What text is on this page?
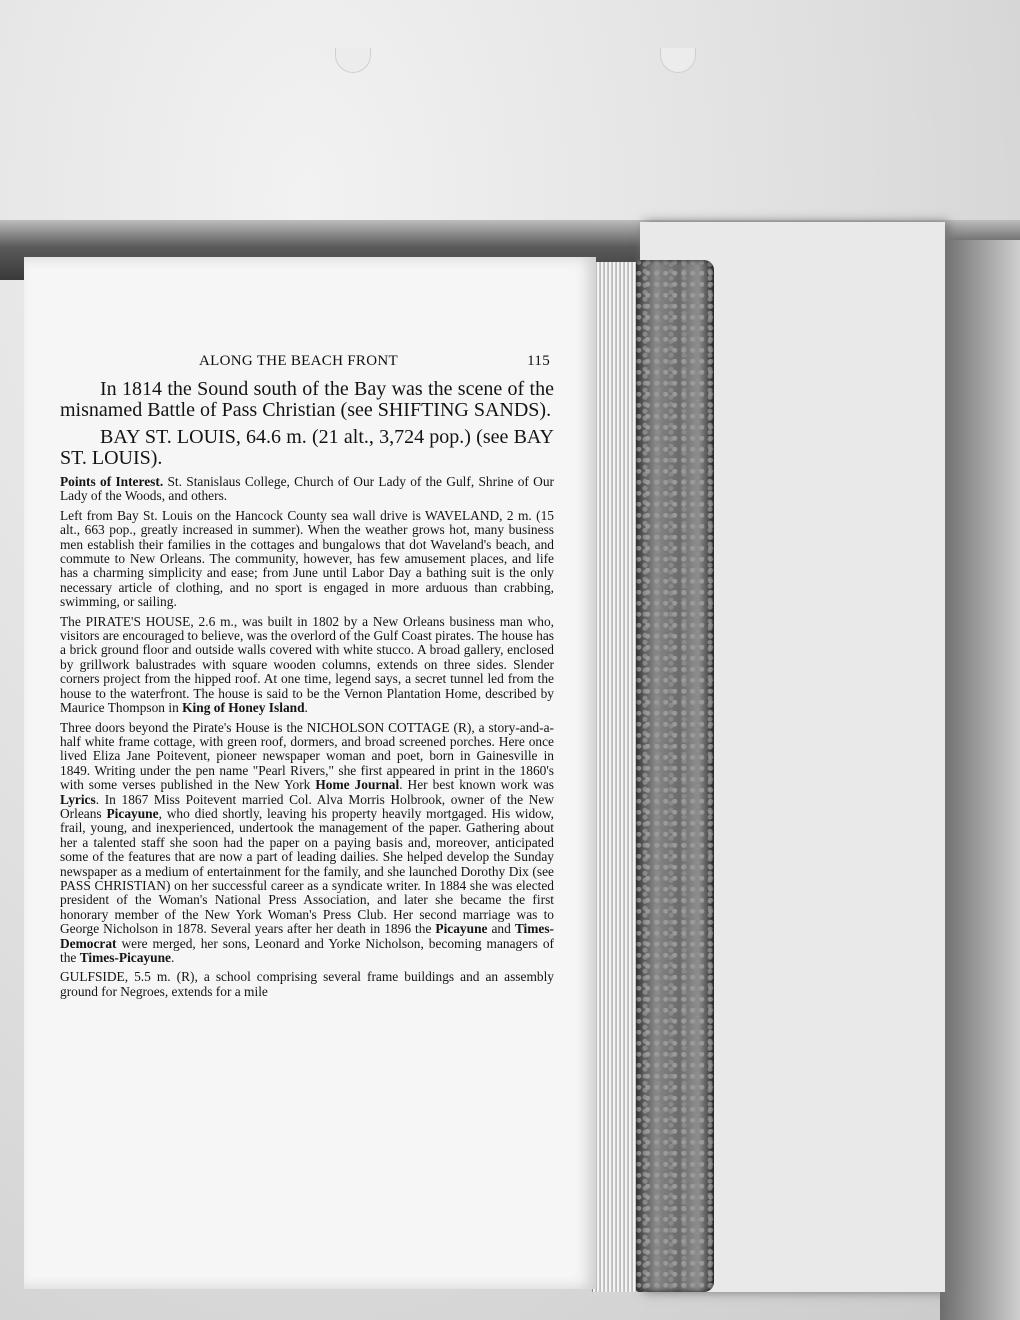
ALONG THE BEACH FRONT	115

In 1814 the Sound south of the Bay was the scene of the misnamed Battle of Pass Christian (see SHIFTING SANDS).

BAY ST. LOUIS, 64.6 m. (21 alt., 3,724 pop.) (see BAY ST. LOUIS).

Points of Interest. St. Stanislaus College, Church of Our Lady of the Gulf, Shrine of Our Lady of the Woods, and others.

Left from Bay St. Louis on the Hancock County sea wall drive is WAVELAND, 2 m. (15 alt., 663 pop., greatly increased in summer). When the weather grows hot, many business men establish their families in the cottages and bungalows that dot Waveland's beach, and commute to New Orleans. The community, however, has few amusement places, and life has a charming simplicity and ease; from June until Labor Day a bathing suit is the only necessary article of clothing, and no sport is engaged in more arduous than crabbing, swimming, or sailing.

The PIRATE'S HOUSE, 2.6 m., was built in 1802 by a New Orleans business man who, visitors are encouraged to believe, was the overlord of the Gulf Coast pirates. The house has a brick ground floor and outside walls covered with white stucco. A broad gallery, enclosed by grillwork balustrades with square wooden columns, extends on three sides. Slender corners project from the hipped roof. At one time, legend says, a secret tunnel led from the house to the waterfront. The house is said to be the Vernon Plantation Home, described by Maurice Thompson in King of Honey Island.

Three doors beyond the Pirate's House is the NICHOLSON COTTAGE (R), a story-and-a-half white frame cottage, with green roof, dormers, and broad screened porches. Here once lived Eliza Jane Poitevent, pioneer newspaper woman and poet, born in Gainesville in 1849. Writing under the pen name "Pearl Rivers," she first appeared in print in the 1860's with some verses published in the New York Home Journal. Her best known work was Lyrics. In 1867 Miss Poitevent married Col. Alva Morris Holbrook, owner of the New Orleans Picayune, who died shortly, leaving his property heavily mortgaged. His widow, frail, young, and inexperienced, undertook the management of the paper. Gathering about her a talented staff she soon had the paper on a paying basis and, moreover, anticipated some of the features that are now a part of leading dailies. She helped develop the Sunday newspaper as a medium of entertainment for the family, and she launched Dorothy Dix (see PASS CHRISTIAN) on her successful career as a syndicate writer. In 1884 she was elected president of the Woman's National Press Association, and later she became the first honorary member of the New York Woman's Press Club. Her second marriage was to George Nicholson in 1878. Several years after her death in 1896 the Picayune and Times-Democrat were merged, her sons, Leonard and Yorke Nicholson, becoming managers of the Times-Picayune.

GULFSIDE, 5.5 m. (R), a school comprising several frame buildings and an assembly ground for Negroes, extends for a mile
